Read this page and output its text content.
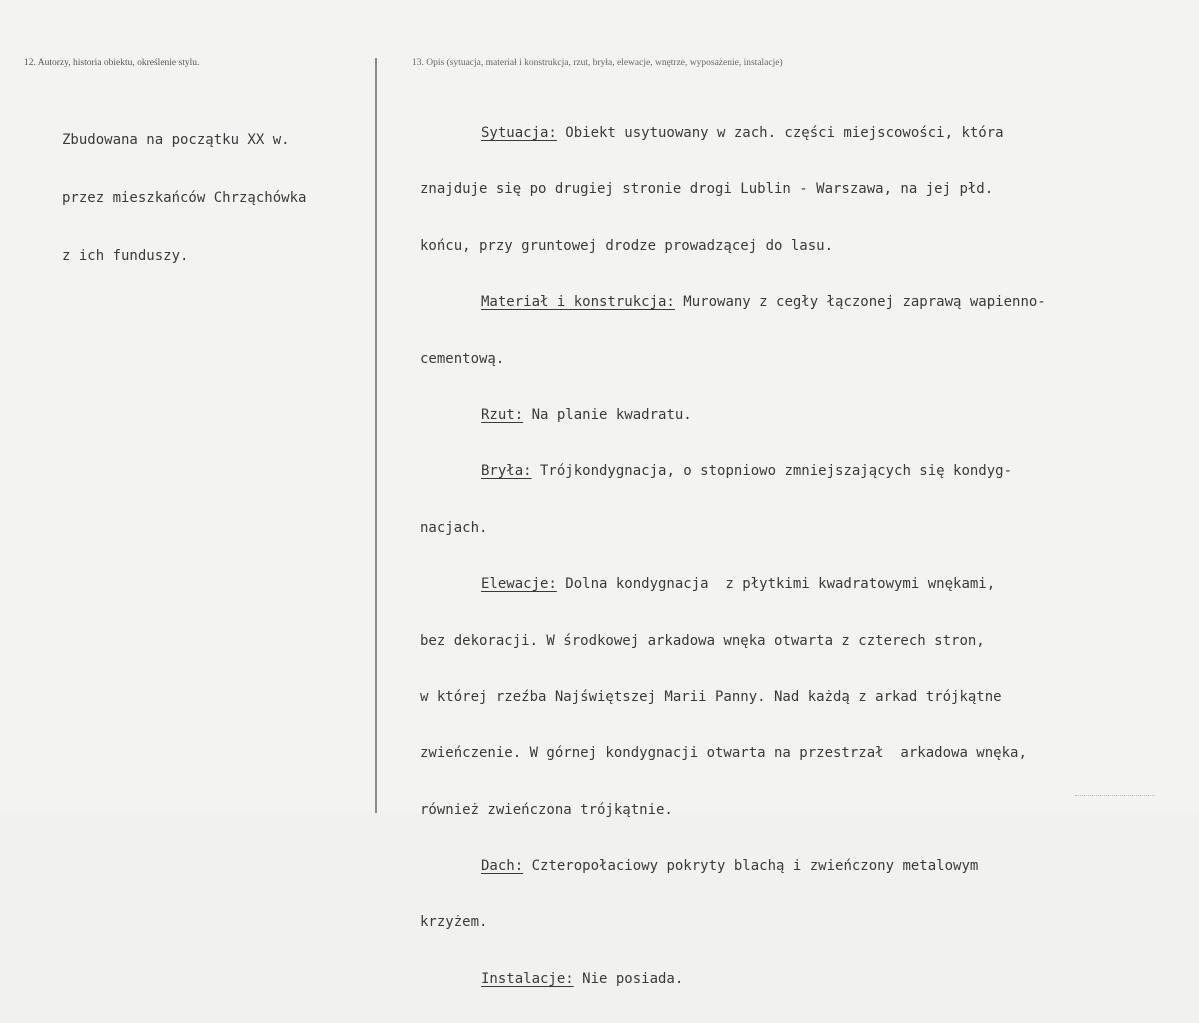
12. Autorzy, historia obiektu, określenie stylu.	13. Opis (sytuacja, materiał i konstrukcja, rzut, bryła, elewacje, wnętrze, wyposażenie, instalacje)

Zbudowana na początku XX w.

przez mieszkańców Chrząchówka

z ich funduszy.

Sytuacja: Obiekt usytuowany w zach. części miejscowości, która

znajduje się po drugiej stronie drogi Lublin - Warszawa, na jej płd.

końcu, przy gruntowej drodze prowadzącej do lasu.

Materiał i konstrukcja: Murowany z cegły łączonej zaprawą wapienno-

cementową.

Rzut: Na planie kwadratu.

Bryła: Trójkondygnacja, o stopniowo zmniejszających się kondyg-

nacjach.

Elewacje: Dolna kondygnacja  z płytkimi kwadratowymi wnękami,

bez dekoracji. W środkowej arkadowa wnęka otwarta z czterech stron,

w której rzeźba Najświętszej Marii Panny. Nad każdą z arkad trójkątne

zwieńczenie. W górnej kondygnacji otwarta na przestrzał  arkadowa wnęka,

również zwieńczona trójkątnie.

Dach: Czteropołaciowy pokryty blachą i zwieńczony metalowym

krzyżem.

Instalacje: Nie posiada.
